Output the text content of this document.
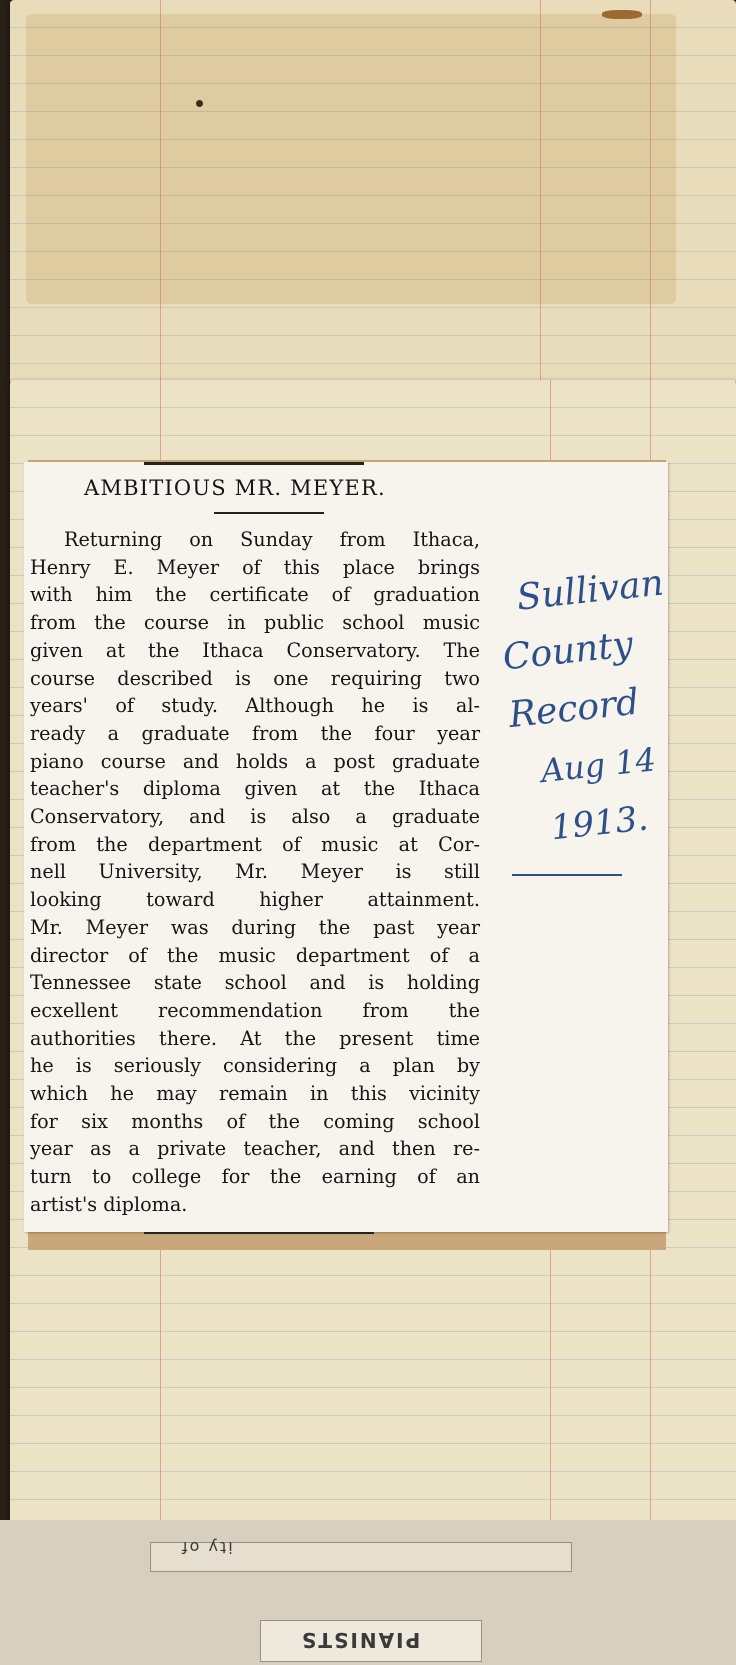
PIANISTS
ity of
AMBITIOUS MR. MEYER.
Returning on Sunday from Ithaca,
Henry E. Meyer of this place brings
with him the certificate of graduation
from the course in public school music
given at the Ithaca Conservatory. The
course described is one requiring two
years' of study. Although he is al-
ready a graduate from the four year
piano course and holds a post graduate
teacher's diploma given at the Ithaca
Conservatory, and is also a graduate
from the department of music at Cor-
nell University, Mr. Meyer is still
looking toward higher attainment.
Mr. Meyer was during the past year
director of the music department of a
Tennessee state school and is holding
ecxellent recommendation from the
authorities there. At the present time
he is seriously considering a plan by
which he may remain in this vicinity
for six months of the coming school
year as a private teacher, and then re-
turn to college for the earning of an
artist's diploma.
Sullivan
County
Record
Aug 14
1913.
